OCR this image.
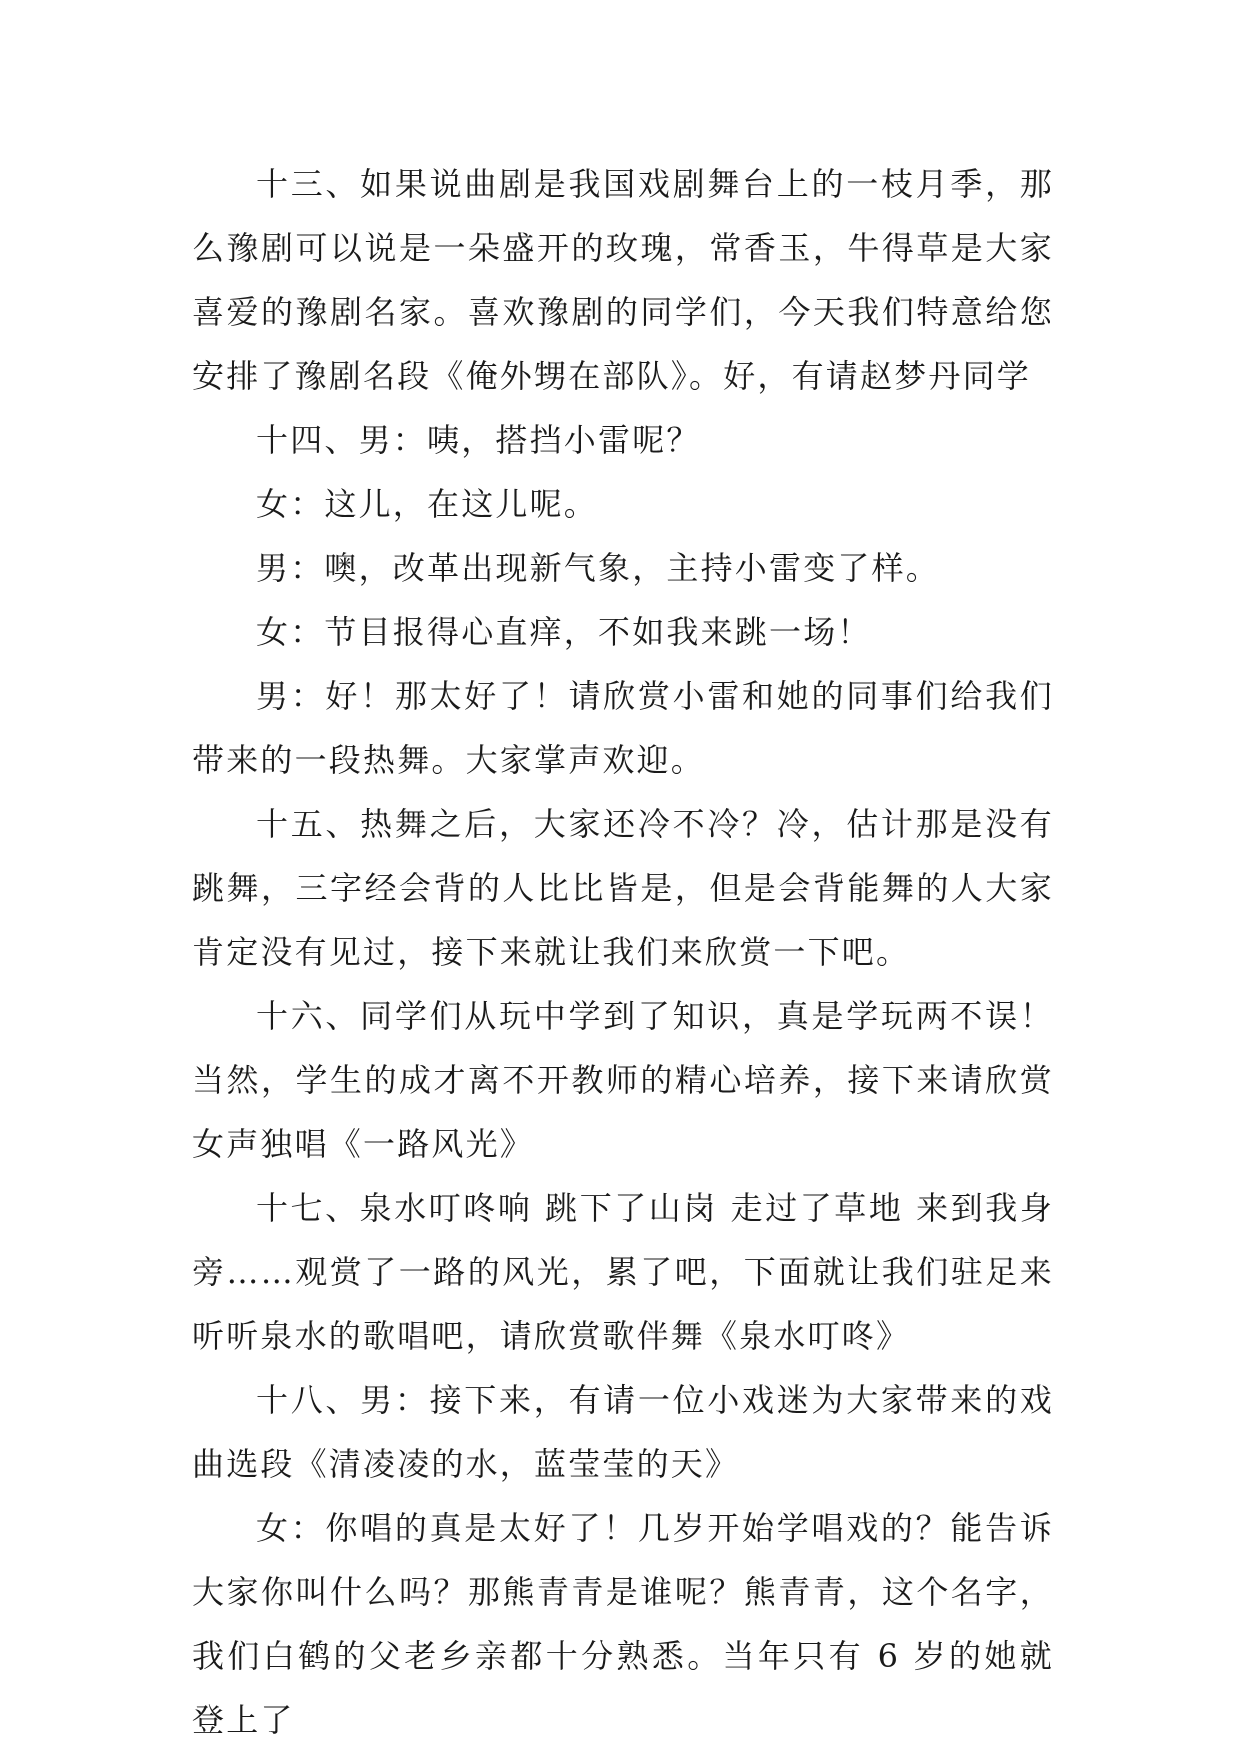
十三、如果说曲剧是我国戏剧舞台上的一枝月季，那么豫剧可以说是一朵盛开的玫瑰，常香玉，牛得草是大家喜爱的豫剧名家。喜欢豫剧的同学们，今天我们特意给您安排了豫剧名段《俺外甥在部队》。好，有请赵梦丹同学

十四、男：咦，搭挡小雷呢？

女：这儿，在这儿呢。

男：噢，改革出现新气象，主持小雷变了样。

女：节目报得心直痒，不如我来跳一场！

男：好！那太好了！请欣赏小雷和她的同事们给我们带来的一段热舞。大家掌声欢迎。

十五、热舞之后，大家还冷不冷？冷，估计那是没有跳舞，三字经会背的人比比皆是，但是会背能舞的人大家肯定没有见过，接下来就让我们来欣赏一下吧。

十六、同学们从玩中学到了知识，真是学玩两不误！当然，学生的成才离不开教师的精心培养，接下来请欣赏女声独唱《一路风光》

十七、泉水叮咚响 跳下了山岗 走过了草地 来到我身旁……观赏了一路的风光，累了吧，下面就让我们驻足来听听泉水的歌唱吧，请欣赏歌伴舞《泉水叮咚》

十八、男：接下来，有请一位小戏迷为大家带来的戏曲选段《清凌凌的水，蓝莹莹的天》

女：你唱的真是太好了！几岁开始学唱戏的？能告诉大家你叫什么吗？那熊青青是谁呢？熊青青，这个名字，我们白鹤的父老乡亲都十分熟悉。当年只有 6 岁的她就登上了
